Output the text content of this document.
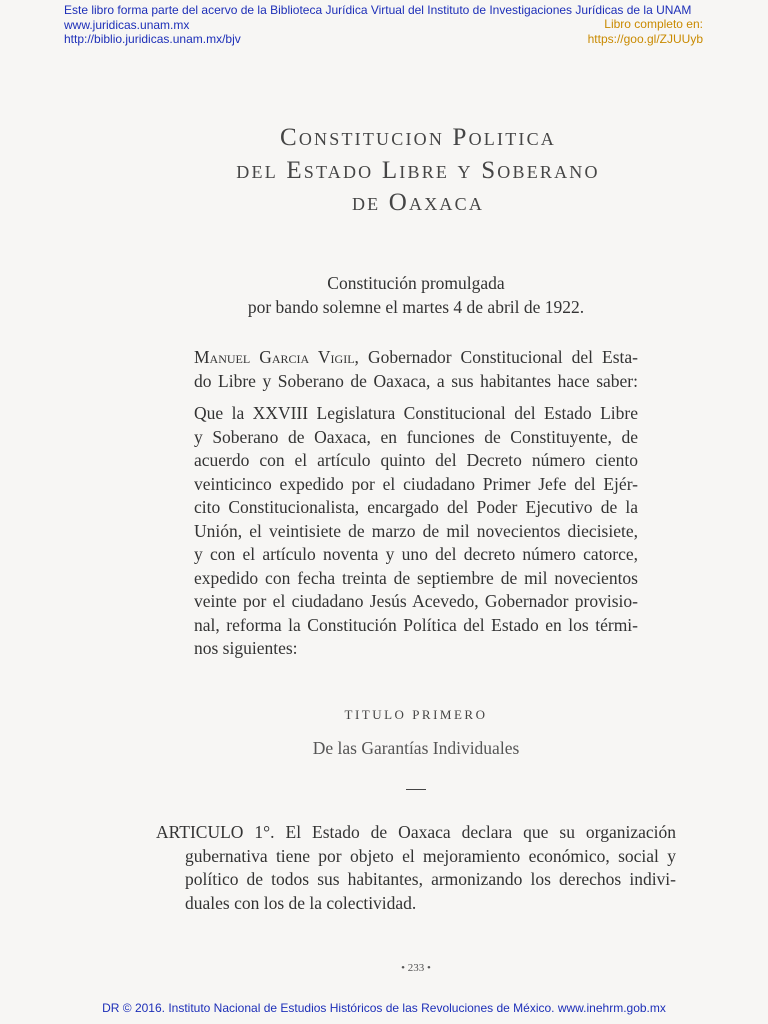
Este libro forma parte del acervo de la Biblioteca Jurídica Virtual del Instituto de Investigaciones Jurídicas de la UNAM
www.juridicas.unam.mx
http://biblio.juridicas.unam.mx/bjv
Libro completo en:
https://goo.gl/ZJUUyb
Constitucion Politica
del Estado Libre y Soberano
de Oaxaca
Constitución promulgada
por bando solemne el martes 4 de abril de 1922.
Manuel Garcia Vigil, Gobernador Constitucional del Esta-
do Libre y Soberano de Oaxaca, a sus habitantes hace saber:
Que la XXVIII Legislatura Constitucional del Estado Libre
y Soberano de Oaxaca, en funciones de Constituyente, de
acuerdo con el artículo quinto del Decreto número ciento
veinticinco expedido por el ciudadano Primer Jefe del Ejér-
cito Constitucionalista, encargado del Poder Ejecutivo de la
Unión, el veintisiete de marzo de mil novecientos diecisiete,
y con el artículo noventa y uno del decreto número catorce,
expedido con fecha treinta de septiembre de mil novecientos
veinte por el ciudadano Jesús Acevedo, Gobernador provisio-
nal, reforma la Constitución Política del Estado en los térmi-
nos siguientes:
TITULO PRIMERO
De las Garantías Individuales
ARTICULO 1°. El Estado de Oaxaca declara que su organización
gubernativa tiene por objeto el mejoramiento económico, social y
político de todos sus habitantes, armonizando los derechos indivi-
duales con los de la colectividad.
• 233 •
DR © 2016. Instituto Nacional de Estudios Históricos de las Revoluciones de México. www.inehrm.gob.mx
